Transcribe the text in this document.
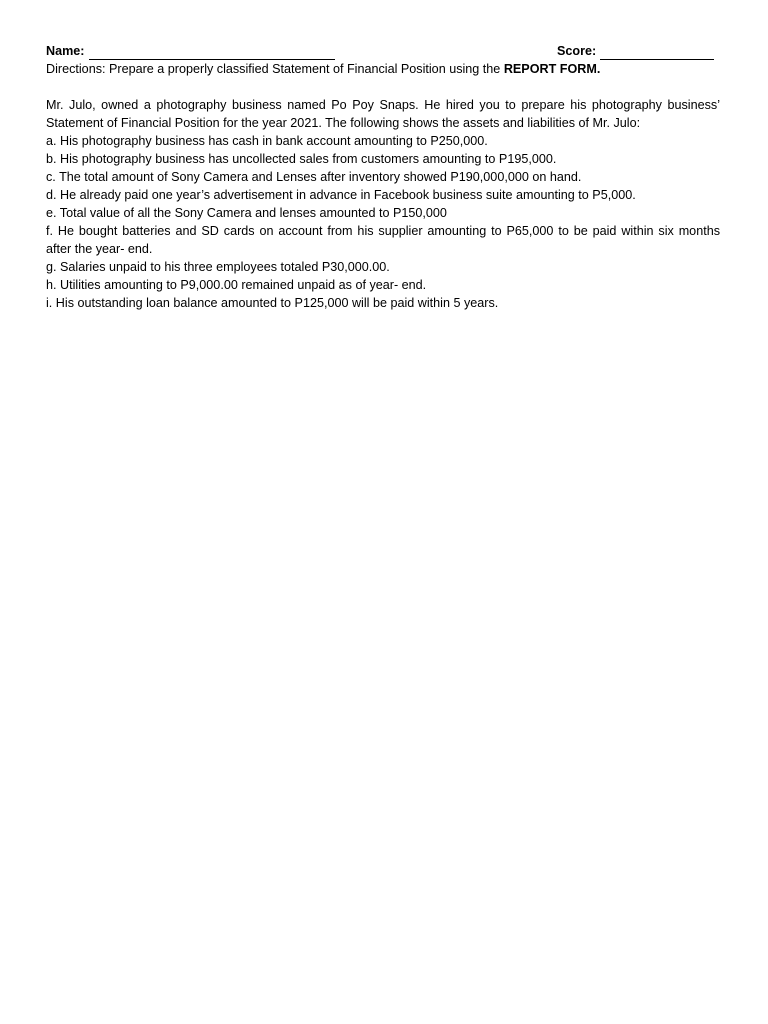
Name:	Score:

Directions: Prepare a properly classified Statement of Financial Position using the REPORT FORM.

Mr. Julo, owned a photography business named Po Poy Snaps. He hired you to prepare his photography business’ Statement of Financial Position for the year 2021. The following shows the assets and liabilities of Mr. Julo:

a. His photography business has cash in bank account amounting to P250,000.
b. His photography business has uncollected sales from customers amounting to P195,000.
c. The total amount of Sony Camera and Lenses after inventory showed P190,000,000 on hand.
d. He already paid one year’s advertisement in advance in Facebook business suite amounting to P5,000.
e. Total value of all the Sony Camera and lenses amounted to P150,000
f. He bought batteries and SD cards on account from his supplier amounting to P65,000 to be paid within six months after the year- end.
g. Salaries unpaid to his three employees totaled P30,000.00.
h. Utilities amounting to P9,000.00 remained unpaid as of year- end.
i. His outstanding loan balance amounted to P125,000 will be paid within 5 years.
